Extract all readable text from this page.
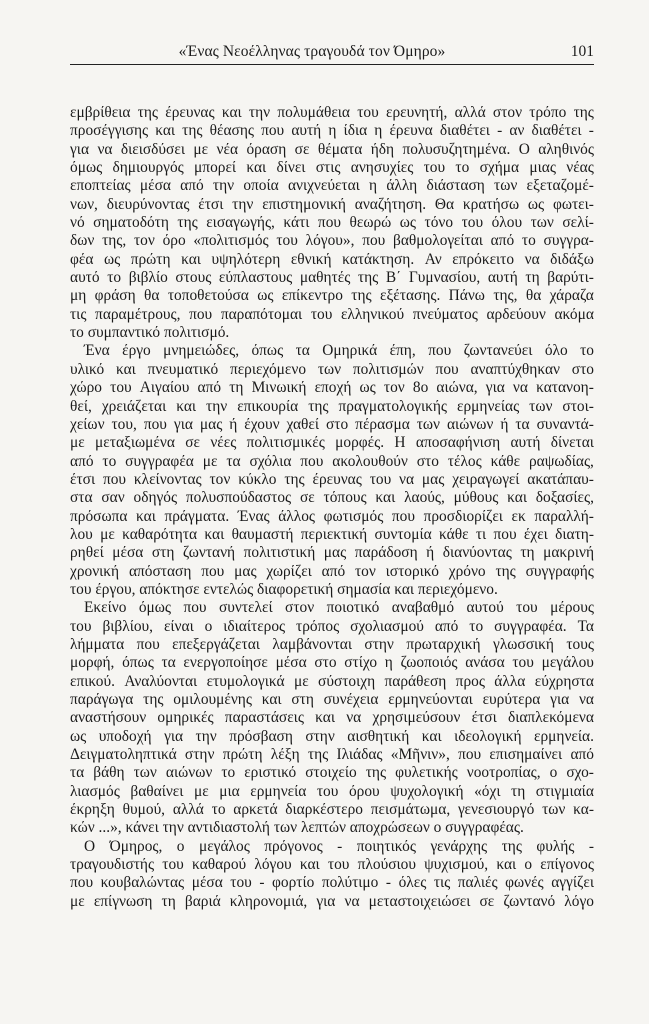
«Ένας Νεοέλληνας τραγουδά τον Όμηρο»	101
εμβρίθεια της έρευνας και την πολυμάθεια του ερευνητή, αλλά στον τρόπο της
προσέγγισης και της θέασης που αυτή η ίδια η έρευνα διαθέτει - αν διαθέτει -
για να διεισδύσει με νέα όραση σε θέματα ήδη πολυσυζητημένα. Ο αληθινός
όμως δημιουργός μπορεί και δίνει στις ανησυχίες του το σχήμα μιας νέας
εποπτείας μέσα από την οποία ανιχνεύεται η άλλη διάσταση των εξεταζομέ-
νων, διευρύνοντας έτσι την επιστημονική αναζήτηση. Θα κρατήσω ως φωτει-
νό σηματοδότη της εισαγωγής, κάτι που θεωρώ ως τόνο του όλου των σελί-
δων της, τον όρο «πολιτισμός του λόγου», που βαθμολογείται από το συγγρα-
φέα ως πρώτη και υψηλότερη εθνική κατάκτηση. Αν επρόκειτο να διδάξω
αυτό το βιβλίο στους εύπλαστους μαθητές της Β΄ Γυμνασίου, αυτή τη βαρύτι-
μη φράση θα τοποθετούσα ως επίκεντρο της εξέτασης. Πάνω της, θα χάραζα
τις παραμέτρους, που παραπότομαι του ελληνικού πνεύματος αρδεύουν ακόμα
το συμπαντικό πολιτισμό.
Ένα έργο μνημειώδες, όπως τα Ομηρικά έπη, που ζωντανεύει όλο το
υλικό και πνευματικό περιεχόμενο των πολιτισμών που αναπτύχθηκαν στο
χώρο του Αιγαίου από τη Μινωική εποχή ως τον 8ο αιώνα, για να κατανοη-
θεί, χρειάζεται και την επικουρία της πραγματολογικής ερμηνείας των στοι-
χείων του, που για μας ή έχουν χαθεί στο πέρασμα των αιώνων ή τα συναντά-
με μεταξιωμένα σε νέες πολιτισμικές μορφές. Η αποσαφήνιση αυτή δίνεται
από το συγγραφέα με τα σχόλια που ακολουθούν στο τέλος κάθε ραψωδίας,
έτσι που κλείνοντας τον κύκλο της έρευνας του να μας χειραγωγεί ακατάπαυ-
στα σαν οδηγός πολυσπούδαστος σε τόπους και λαούς, μύθους και δοξασίες,
πρόσωπα και πράγματα. Ένας άλλος φωτισμός που προσδιορίζει εκ παραλλή-
λου με καθαρότητα και θαυμαστή περιεκτική συντομία κάθε τι που έχει διατη-
ρηθεί μέσα στη ζωντανή πολιτιστική μας παράδοση ή διανύοντας τη μακρινή
χρονική απόσταση που μας χωρίζει από τον ιστορικό χρόνο της συγγραφής
του έργου, απόκτησε εντελώς διαφορετική σημασία και περιεχόμενο.
Εκείνο όμως που συντελεί στον ποιοτικό αναβαθμό αυτού του μέρους
του βιβλίου, είναι ο ιδιαίτερος τρόπος σχολιασμού από το συγγραφέα. Τα
λήμματα που επεξεργάζεται λαμβάνονται στην πρωταρχική γλωσσική τους
μορφή, όπως τα ενεργοποίησε μέσα στο στίχο η ζωοποιός ανάσα του μεγάλου
επικού. Αναλύονται ετυμολογικά με σύστοιχη παράθεση προς άλλα εύχρηστα
παράγωγα της ομιλουμένης και στη συνέχεια ερμηνεύονται ευρύτερα για να
αναστήσουν ομηρικές παραστάσεις και να χρησιμεύσουν έτσι διαπλεκόμενα
ως υποδοχή για την πρόσβαση στην αισθητική και ιδεολογική ερμηνεία.
Δειγματοληπτικά στην πρώτη λέξη της Ιλιάδας «Μῆνιν», που επισημαίνει από
τα βάθη των αιώνων το εριστικό στοιχείο της φυλετικής νοοτροπίας, ο σχο-
λιασμός βαθαίνει με μια ερμηνεία του όρου ψυχολογική «όχι τη στιγμιαία
έκρηξη θυμού, αλλά το αρκετά διαρκέστερο πεισμάτωμα, γενεσιουργό των κα-
κών ...», κάνει την αντιδιαστολή των λεπτών αποχρώσεων ο συγγραφέας.
Ο Όμηρος, ο μεγάλος πρόγονος - ποιητικός γενάρχης της φυλής -
τραγουδιστής του καθαρού λόγου και του πλούσιου ψυχισμού, και ο επίγονος
που κουβαλώντας μέσα του - φορτίο πολύτιμο - όλες τις παλιές φωνές αγγίζει
με επίγνωση τη βαριά κληρονομιά, για να μεταστοιχειώσει σε ζωντανό λόγο
